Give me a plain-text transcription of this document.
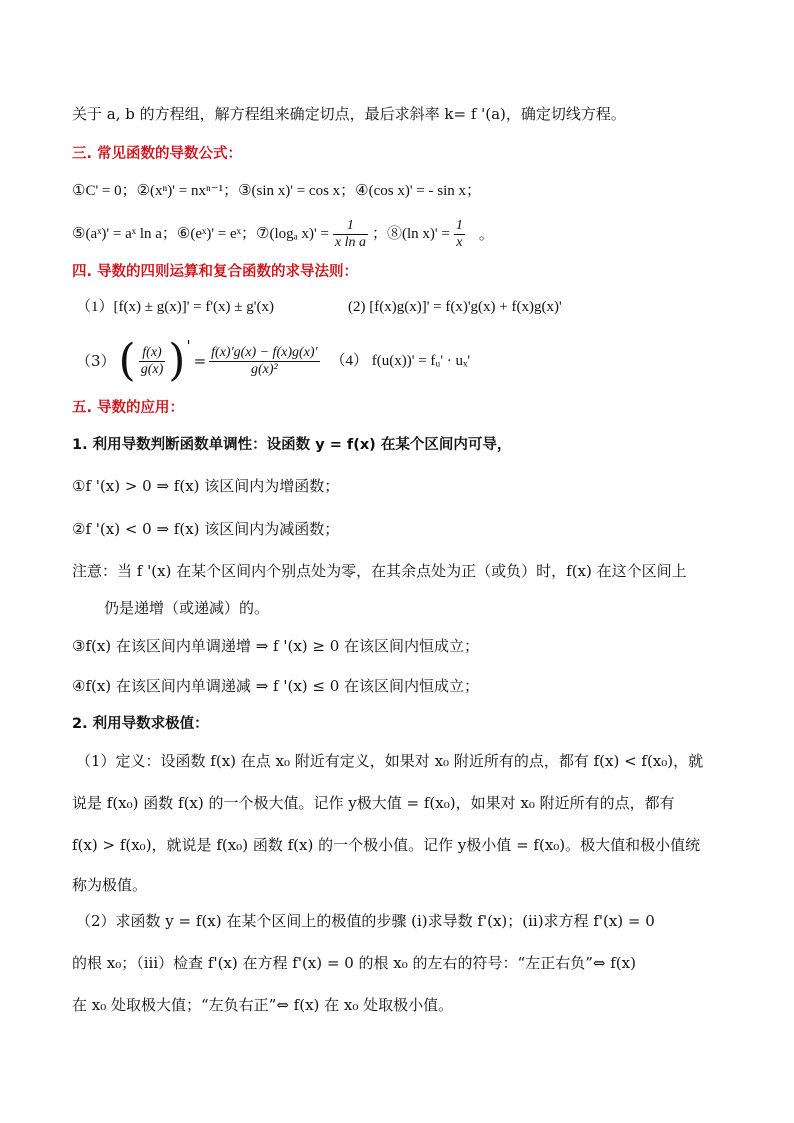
关于 a, b 的方程组，解方程组来确定切点，最后求斜率 k= f '(a)，确定切线方程。
三. 常见函数的导数公式：
①C' = 0；②(xⁿ)' = nxⁿ⁻¹；③(sin x)' = cos x；④(cos x)' = - sin x；
⑤(aˣ)' = aˣ ln a；⑥(eˣ)' = eˣ；⑦(logₐ $x)' = \frac{1}{\text{x ln a}}$ ；⑧(ln $x)' = \frac{1}{x}$ 。
四. 导数的四则运算和复合函数的求导法则：
（1）[f(x) ± g(x)]' = f'(x) ± g'(x)	(2) [f(x)g(x)]' = f(x)'g(x) + f(x)g(x)'
（3） ( $\frac{f(x)}{g(x)}$ ) '
= $\frac{f(x)'g(x) - f(x)g(x)'}{\text{g(x)²}} (4) f(u(x))'$ = fᵤ' · uₓ'
五. 导数的应用：
1. 利用导数判断函数单调性：设函数 y = f(x) 在某个区间内可导，
①f '(x) > 0 ⇒ f(x) 该区间内为增函数；
②f '(x) < 0 ⇒ f(x) 该区间内为减函数；
注意：当 f '(x) 在某个区间内个别点处为零，在其余点处为正（或负）时，f(x) 在这个区间上
仍是递增（或递减）的。
③f(x) 在该区间内单调递增 ⇒ f '(x) ≥ 0 在该区间内恒成立；
④f(x) 在该区间内单调递减 ⇒ f '(x) ≤ 0 在该区间内恒成立；
2. 利用导数求极值：
（1）定义：设函数 f(x) 在点 x₀ 附近有定义，如果对 x₀ 附近所有的点，都有 f(x) < f(x₀)，就
说是 f(x₀) 函数 f(x) 的一个极大值。记作 y极大值 = f(x₀)，如果对 x₀ 附近所有的点，都有
f(x) > f(x₀)，就说是 f(x₀) 函数 f(x) 的一个极小值。记作 y极小值 = f(x₀)。极大值和极小值统
称为极值。
（2）求函数 y = f(x) 在某个区间上的极值的步骤 (i)求导数 f'(x)；(ii)求方程 f'(x) = 0
的根 x₀；（iii）检查 f'(x) 在方程 f'(x) = 0 的根 x₀ 的左右的符号：“左正右负”⇔ f(x)
在 x₀ 处取极大值；“左负右正”⇔ f(x) 在 x₀ 处取极小值。
